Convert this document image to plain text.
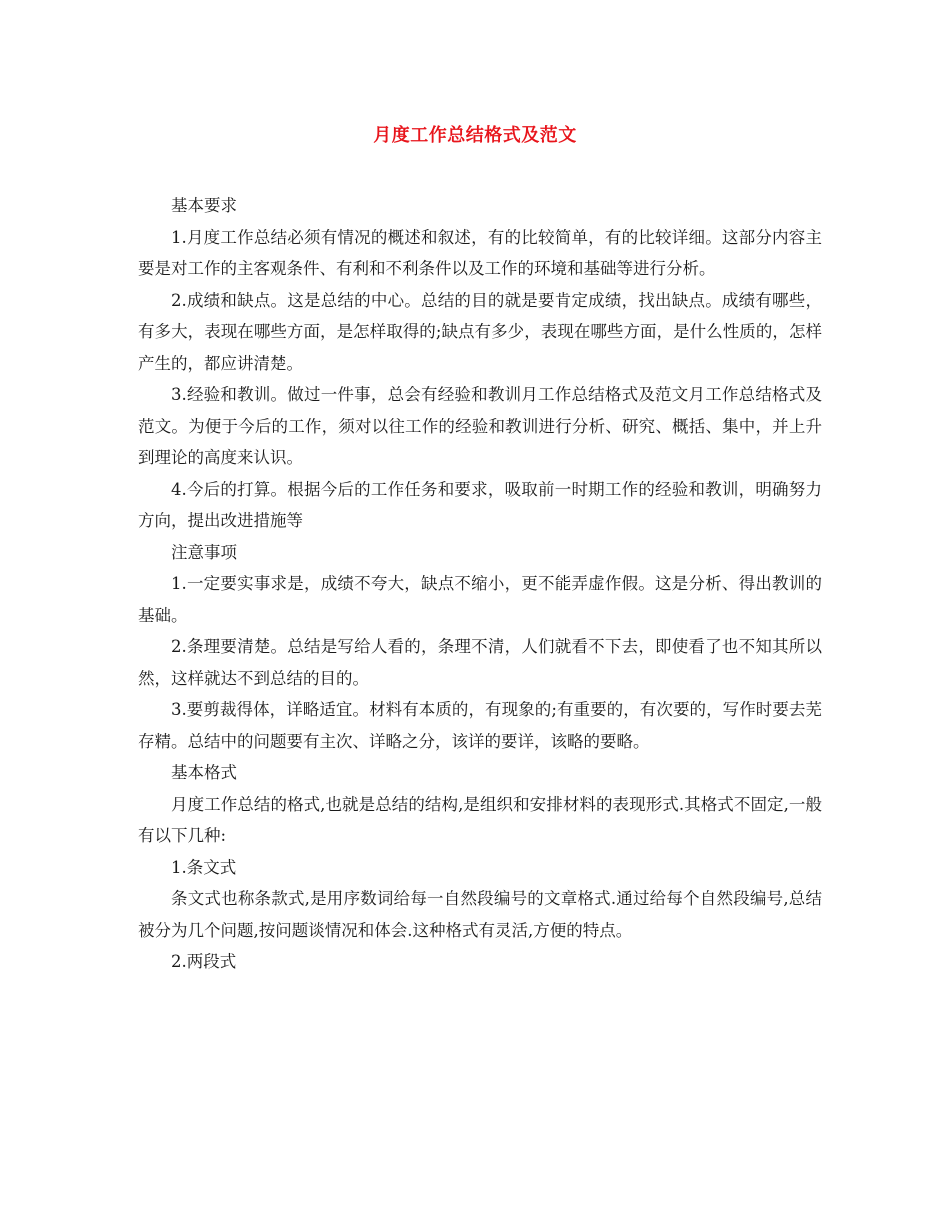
月度工作总结格式及范文

基本要求

1.月度工作总结必须有情况的概述和叙述，有的比较简单，有的比较详细。这部分内容主要是对工作的主客观条件、有利和不利条件以及工作的环境和基础等进行分析。

2.成绩和缺点。这是总结的中心。总结的目的就是要肯定成绩，找出缺点。成绩有哪些，有多大，表现在哪些方面，是怎样取得的;缺点有多少，表现在哪些方面，是什么性质的，怎样产生的，都应讲清楚。

3.经验和教训。做过一件事，总会有经验和教训月工作总结格式及范文月工作总结格式及范文。为便于今后的工作，须对以往工作的经验和教训进行分析、研究、概括、集中，并上升到理论的高度来认识。

4.今后的打算。根据今后的工作任务和要求，吸取前一时期工作的经验和教训，明确努力方向，提出改进措施等

注意事项

1.一定要实事求是，成绩不夸大，缺点不缩小，更不能弄虚作假。这是分析、得出教训的基础。

2.条理要清楚。总结是写给人看的，条理不清，人们就看不下去，即使看了也不知其所以然，这样就达不到总结的目的。

3.要剪裁得体，详略适宜。材料有本质的，有现象的;有重要的，有次要的，写作时要去芜存精。总结中的问题要有主次、详略之分，该详的要详，该略的要略。

基本格式

月度工作总结的格式,也就是总结的结构,是组织和安排材料的表现形式.其格式不固定,一般有以下几种:

1.条文式

条文式也称条款式,是用序数词给每一自然段编号的文章格式.通过给每个自然段编号,总结被分为几个问题,按问题谈情况和体会.这种格式有灵活,方便的特点。

2.两段式
